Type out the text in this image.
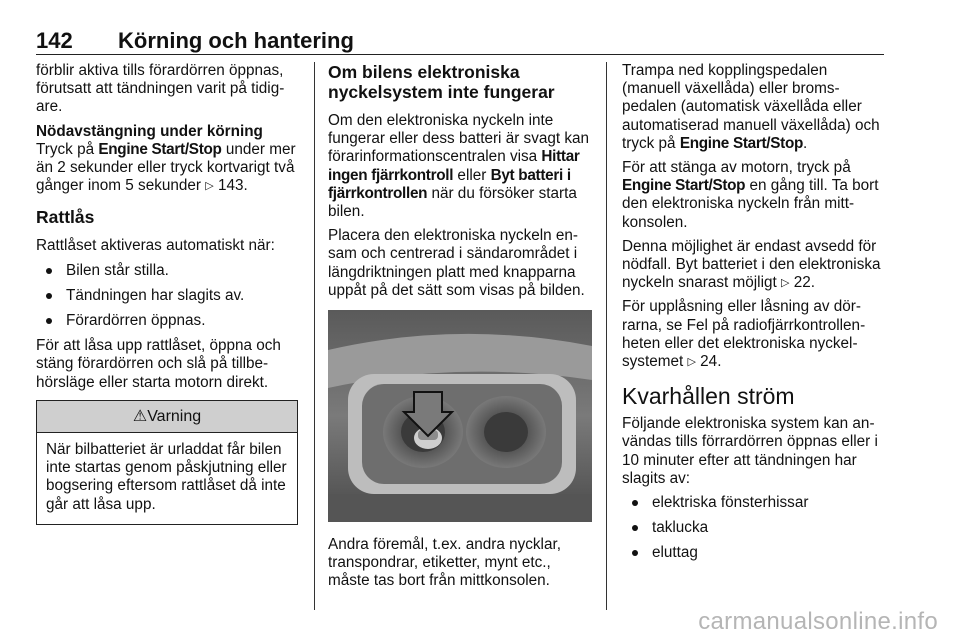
142 Körning och hantering

förblir aktiva tills förardörren öppnas, förutsatt att tändningen varit på tidigare.

Nödavstängning under körning

Tryck på Engine Start/Stop under mer än 2 sekunder eller tryck kortvarigt två gånger inom 5 sekunder ▷ 143.

Rattlås

Rattlåset aktiveras automatiskt när:

Bilen står stilla.
Tändningen har slagits av.
Förardörren öppnas.

För att låsa upp rattlåset, öppna och stäng förardörren och slå på tillbehörsläge eller starta motorn direkt.

⚠Varning
När bilbatteriet är urladdat får bilen inte startas genom påskjutning eller bogsering eftersom rattlåset då inte går att låsa upp.
Om bilens elektroniska nyckelsystem inte fungerar

Om den elektroniska nyckeln inte fungerar eller dess batteri är svagt kan förarinformationscentralen visa Hittar ingen fjärrkontroll eller Byt batteri i fjärrkontrollen när du försöker starta bilen.

Placera den elektroniska nyckeln ensam och centrerad i sändarområdet i längdriktningen platt med knapparna uppåt på det sätt som visas på bilden.

Andra föremål, t.ex. andra nycklar, transpondrar, etiketter, mynt etc., måste tas bort från mittkonsolen.

Trampa ned kopplingspedalen (manuell växellåda) eller bromspedalen (automatisk växellåda eller automatiserad manuell växellåda) och tryck på Engine Start/Stop.

För att stänga av motorn, tryck på Engine Start/Stop en gång till. Ta bort den elektroniska nyckeln från mittkonsolen.

Denna möjlighet är endast avsedd för nödfall. Byt batteriet i den elektroniska nyckeln snarast möjligt ▷ 22.

För upplåsning eller låsning av dörrarna, se Fel på radiofjärrkontrollenheten eller det elektroniska nyckelsystemet ▷ 24.

Kvarhållen ström

Följande elektroniska system kan användas tills förrardörren öppnas eller i 10 minuter efter att tändningen har slagits av:

elektriska fönsterhissar
taklucka
eluttag
carmanualsonline.info
